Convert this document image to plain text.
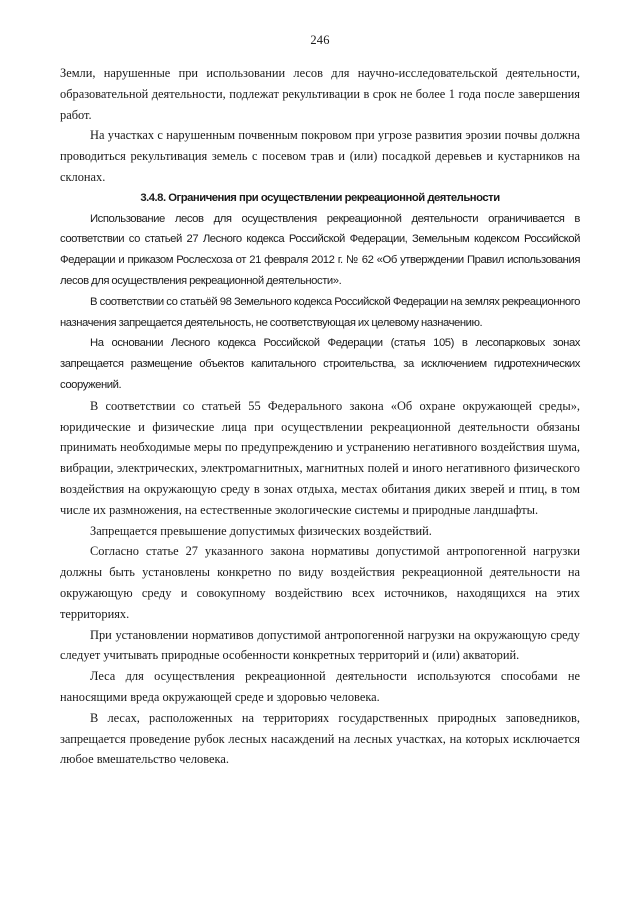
246

Земли, нарушенные при использовании лесов для научно-исследовательской деятельности, образовательной деятельности, подлежат рекультивации в срок не более 1 года после завершения работ.

На участках с нарушенным почвенным покровом при угрозе развития эрозии почвы должна проводиться рекультивация земель с посевом трав и (или) посадкой деревьев и кустарников на склонах.

3.4.8. Ограничения при осуществлении рекреационной деятельности

Использование лесов для осуществления рекреационной деятельности ограничивается в соответствии со статьей 27 Лесного кодекса Российской Федерации, Земельным кодексом Российской Федерации и приказом Рослесхоза от 21 февраля 2012 г. № 62 «Об утверждении Правил использования лесов для осуществления рекреационной деятельности».

В соответствии со статьёй 98 Земельного кодекса Российской Федерации на землях рекреационного назначения запрещается деятельность, не соответствующая их целевому назначению.

На основании Лесного кодекса Российской Федерации (статья 105) в лесопарковых зонах запрещается размещение объектов капитального строительства, за исключением гидротехнических сооружений.

В соответствии со статьей 55 Федерального закона «Об охране окружающей среды», юридические и физические лица при осуществлении рекреационной деятельности обязаны принимать необходимые меры по предупреждению и устранению негативного воздействия шума, вибрации, электрических, электромагнитных, магнитных полей и иного негативного физического воздействия на окружающую среду в зонах отдыха, местах обитания диких зверей и птиц, в том числе их размножения, на естественные экологические системы и природные ландшафты.

Запрещается превышение допустимых физических воздействий.

Согласно статье 27 указанного закона нормативы допустимой антропогенной нагрузки должны быть установлены конкретно по виду воздействия рекреационной деятельности на окружающую среду и совокупному воздействию всех источников, находящихся на этих территориях.

При установлении нормативов допустимой антропогенной нагрузки на окружающую среду следует учитывать природные особенности конкретных территорий и (или) акваторий.

Леса для осуществления рекреационной деятельности используются способами не наносящими вреда окружающей среде и здоровью человека.

В лесах, расположенных на территориях государственных природных заповедников, запрещается проведение рубок лесных насаждений на лесных участках, на которых исключается любое вмешательство человека.
